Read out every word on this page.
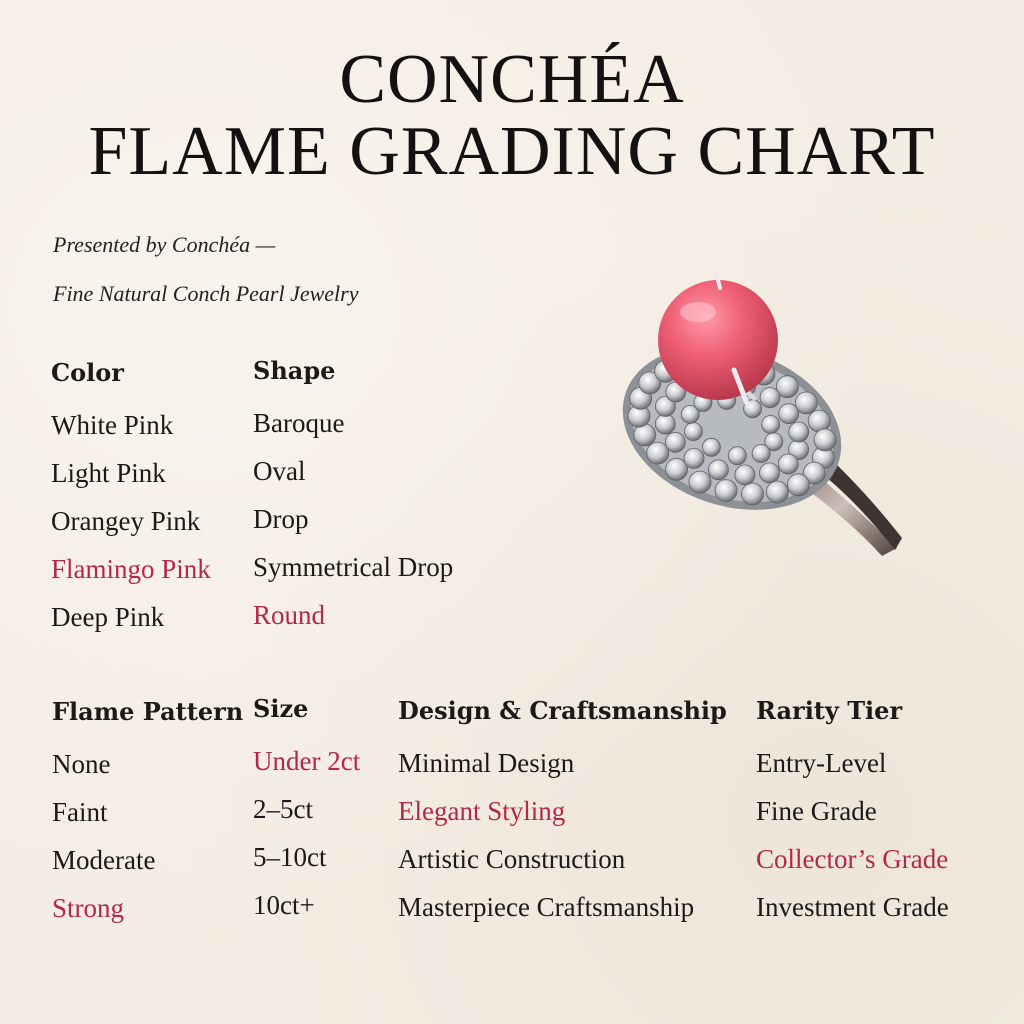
CONCHÉA
FLAME GRADING CHART
Presented by Conchéa —
Fine Natural Conch Pearl Jewelry
Color
White Pink
Light Pink
Orangey Pink
Flamingo Pink
Deep Pink
Shape
Baroque
Oval
Drop
Symmetrical Drop
Round
Flame Pattern
None
Faint
Moderate
Strong
Size
Under 2ct
2–5ct
5–10ct
10ct+
Design & Craftsmanship
Minimal Design
Elegant Styling
Artistic Construction
Masterpiece Craftsmanship
Rarity Tier
Entry-Level
Fine Grade
Collector’s Grade
Investment Grade
